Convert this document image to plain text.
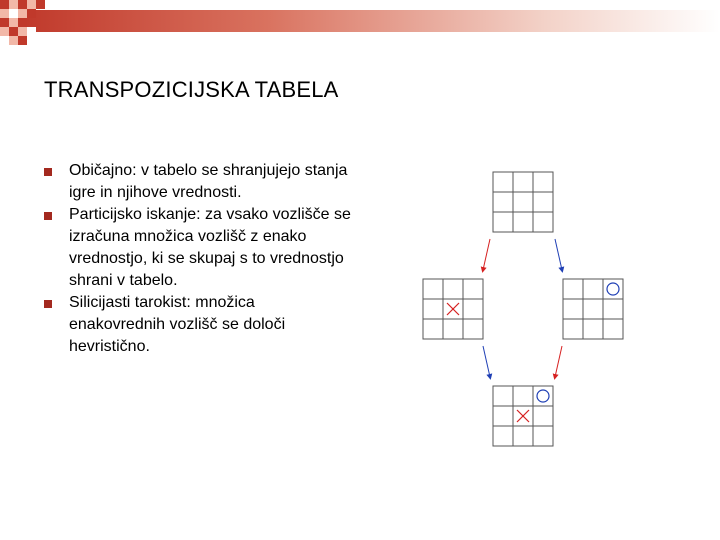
TRANSPOZICIJSKA TABELA
Običajno: v tabelo se shranjujejo stanja igre in njihove vrednosti.
Particijsko iskanje: za vsako vozlišče se izračuna množica vozlišč z enako vrednostjo, ki se skupaj s to vrednostjo shrani v tabelo.
Silicijasti tarokist: množica enakovrednih vozlišč se določi hevristično.
